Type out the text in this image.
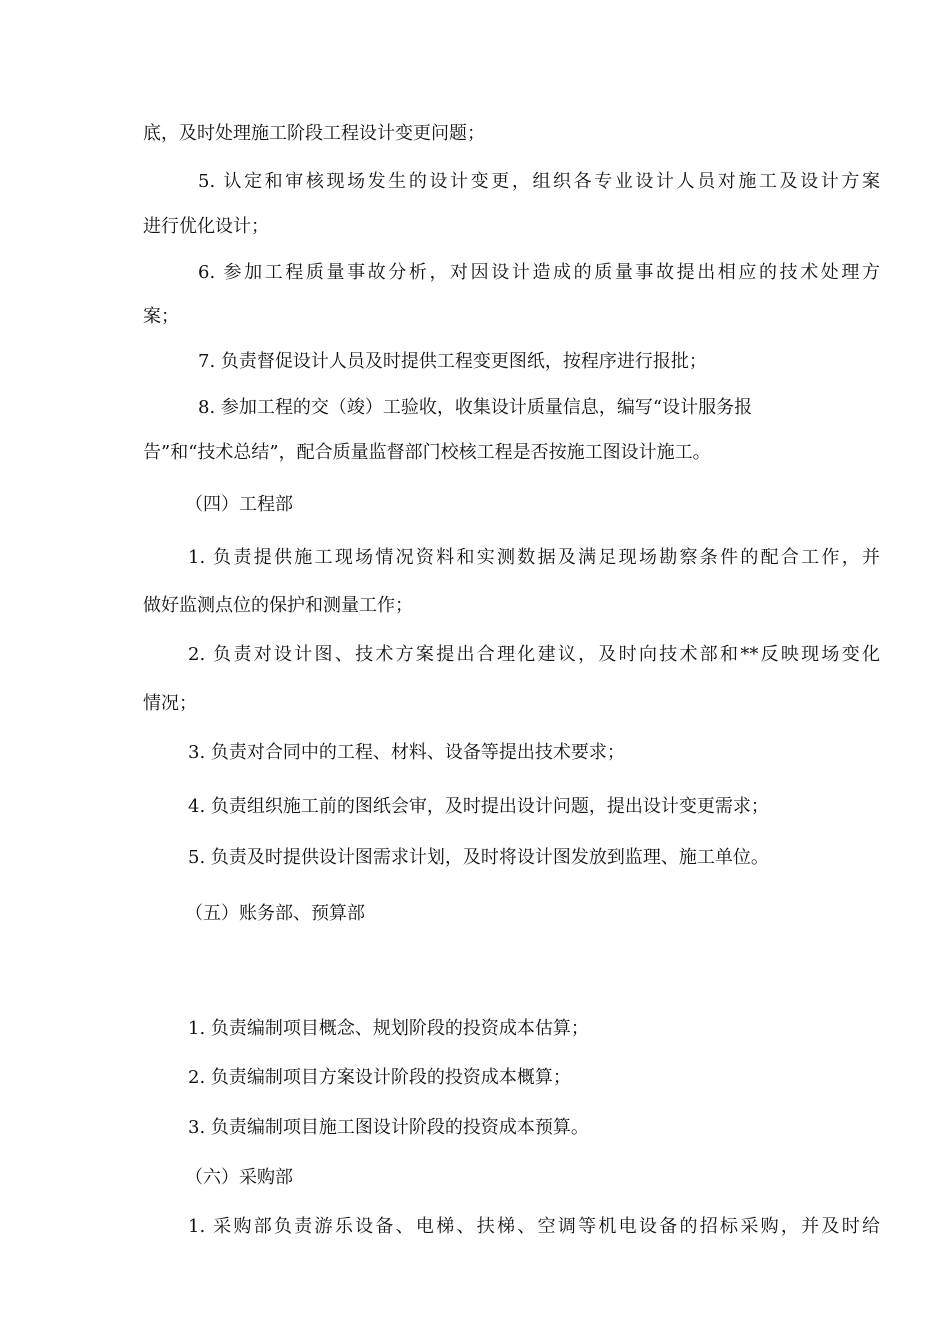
底，及时处理施工阶段工程设计变更问题；
5. 认定和审核现场发生的设计变更，组织各专业设计人员对施工及设计方案
进行优化设计；
6. 参加工程质量事故分析，对因设计造成的质量事故提出相应的技术处理方
案；
7. 负责督促设计人员及时提供工程变更图纸，按程序进行报批；
8. 参加工程的交（竣）工验收，收集设计质量信息，编写“设计服务报
告”和“技术总结”，配合质量监督部门校核工程是否按施工图设计施工。
（四）工程部
1. 负责提供施工现场情况资料和实测数据及满足现场勘察条件的配合工作，并
做好监测点位的保护和测量工作；
2. 负责对设计图、技术方案提出合理化建议，及时向技术部和**反映现场变化
情况；
3. 负责对合同中的工程、材料、设备等提出技术要求；
4. 负责组织施工前的图纸会审，及时提出设计问题，提出设计变更需求；
5. 负责及时提供设计图需求计划，及时将设计图发放到监理、施工单位。
（五）账务部、预算部
1. 负责编制项目概念、规划阶段的投资成本估算；
2. 负责编制项目方案设计阶段的投资成本概算；
3. 负责编制项目施工图设计阶段的投资成本预算。
（六）采购部
1. 采购部负责游乐设备、电梯、扶梯、空调等机电设备的招标采购，并及时给
